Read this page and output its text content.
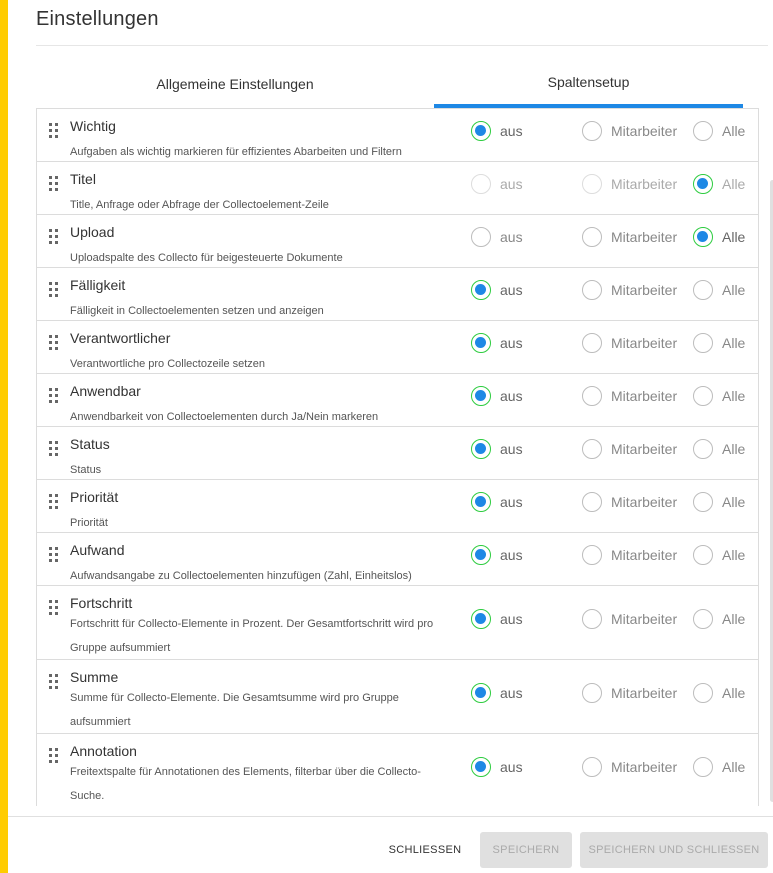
Einstellungen
Allgemeine Einstellungen	Spaltensetup
Wichtig
Aufgaben als wichtig markieren für effizientes Abarbeiten und Filtern
aus	Mitarbeiter	Alle
Titel
Title, Anfrage oder Abfrage der Collectoelement-Zeile
aus	Mitarbeiter	Alle
Upload
Uploadspalte des Collecto für beigesteuerte Dokumente
aus	Mitarbeiter	Alle
Fälligkeit
Fälligkeit in Collectoelementen setzen und anzeigen
aus	Mitarbeiter	Alle
Verantwortlicher
Verantwortliche pro Collectozeile setzen
aus	Mitarbeiter	Alle
Anwendbar
Anwendbarkeit von Collectoelementen durch Ja/Nein markeren
aus	Mitarbeiter	Alle
Status
Status
aus	Mitarbeiter	Alle
Priorität
Priorität
aus	Mitarbeiter	Alle
Aufwand
Aufwandsangabe zu Collectoelementen hinzufügen (Zahl, Einheitslos)
aus	Mitarbeiter	Alle
Fortschritt
Fortschritt für Collecto-Elemente in Prozent. Der Gesamtfortschritt wird pro Gruppe aufsummiert
aus	Mitarbeiter	Alle
Summe
Summe für Collecto-Elemente. Die Gesamtsumme wird pro Gruppe aufsummiert
aus	Mitarbeiter	Alle
Annotation
Freitextspalte für Annotationen des Elements, filterbar über die Collecto-Suche.
aus	Mitarbeiter	Alle
SCHLIESSEN	SPEICHERN	SPEICHERN UND SCHLIESSEN
